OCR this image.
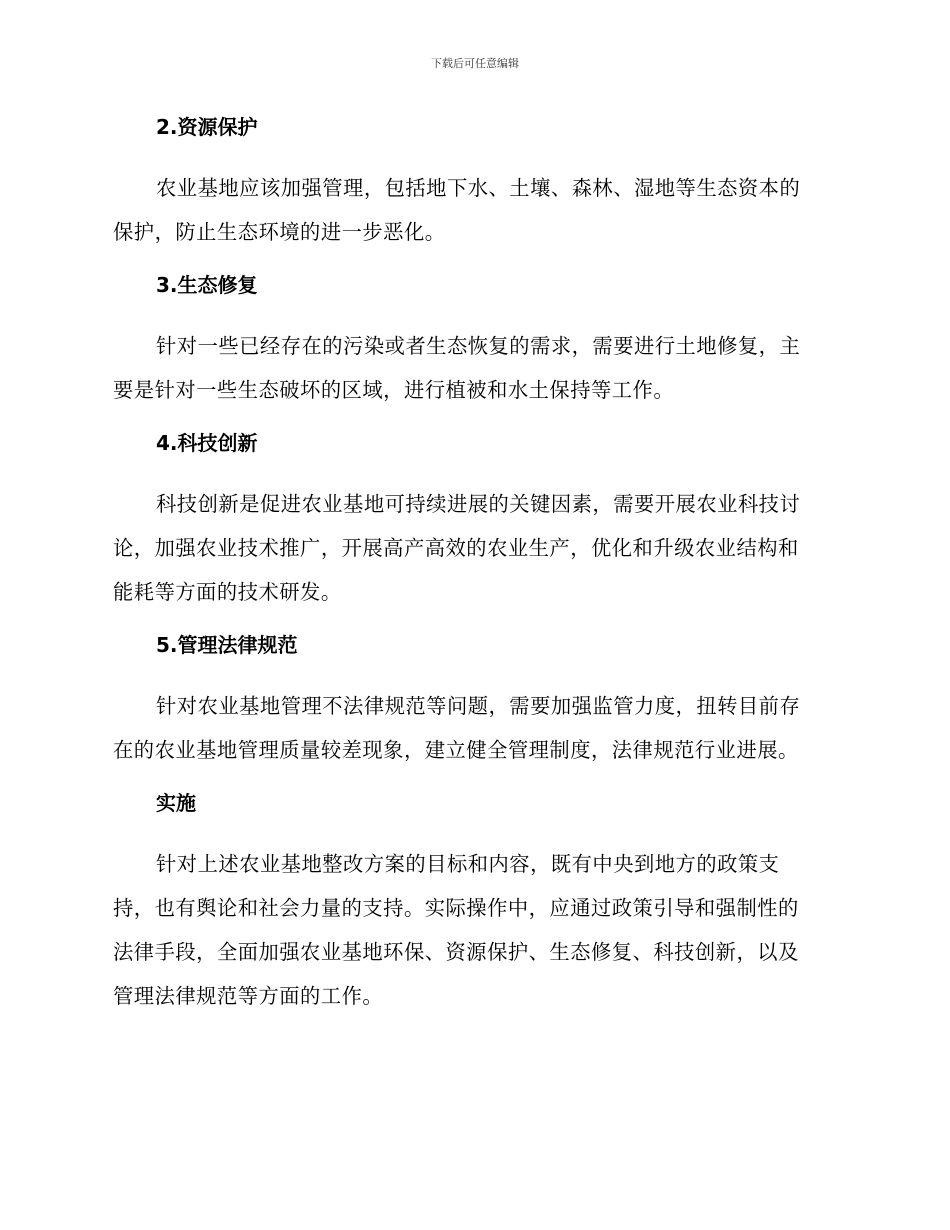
下载后可任意编辑
2.资源保护
农业基地应该加强管理，包括地下水、土壤、森林、湿地等生态资本的
保护，防止生态环境的进一步恶化。
3.生态修复
针对一些已经存在的污染或者生态恢复的需求，需要进行土地修复，主
要是针对一些生态破坏的区域，进行植被和水土保持等工作。
4.科技创新
科技创新是促进农业基地可持续进展的关键因素，需要开展农业科技讨
论，加强农业技术推广，开展高产高效的农业生产，优化和升级农业结构和
能耗等方面的技术研发。
5.管理法律规范
针对农业基地管理不法律规范等问题，需要加强监管力度，扭转目前存
在的农业基地管理质量较差现象，建立健全管理制度，法律规范行业进展。
实施
针对上述农业基地整改方案的目标和内容，既有中央到地方的政策支
持，也有舆论和社会力量的支持。实际操作中，应通过政策引导和强制性的
法律手段，全面加强农业基地环保、资源保护、生态修复、科技创新，以及
管理法律规范等方面的工作。
